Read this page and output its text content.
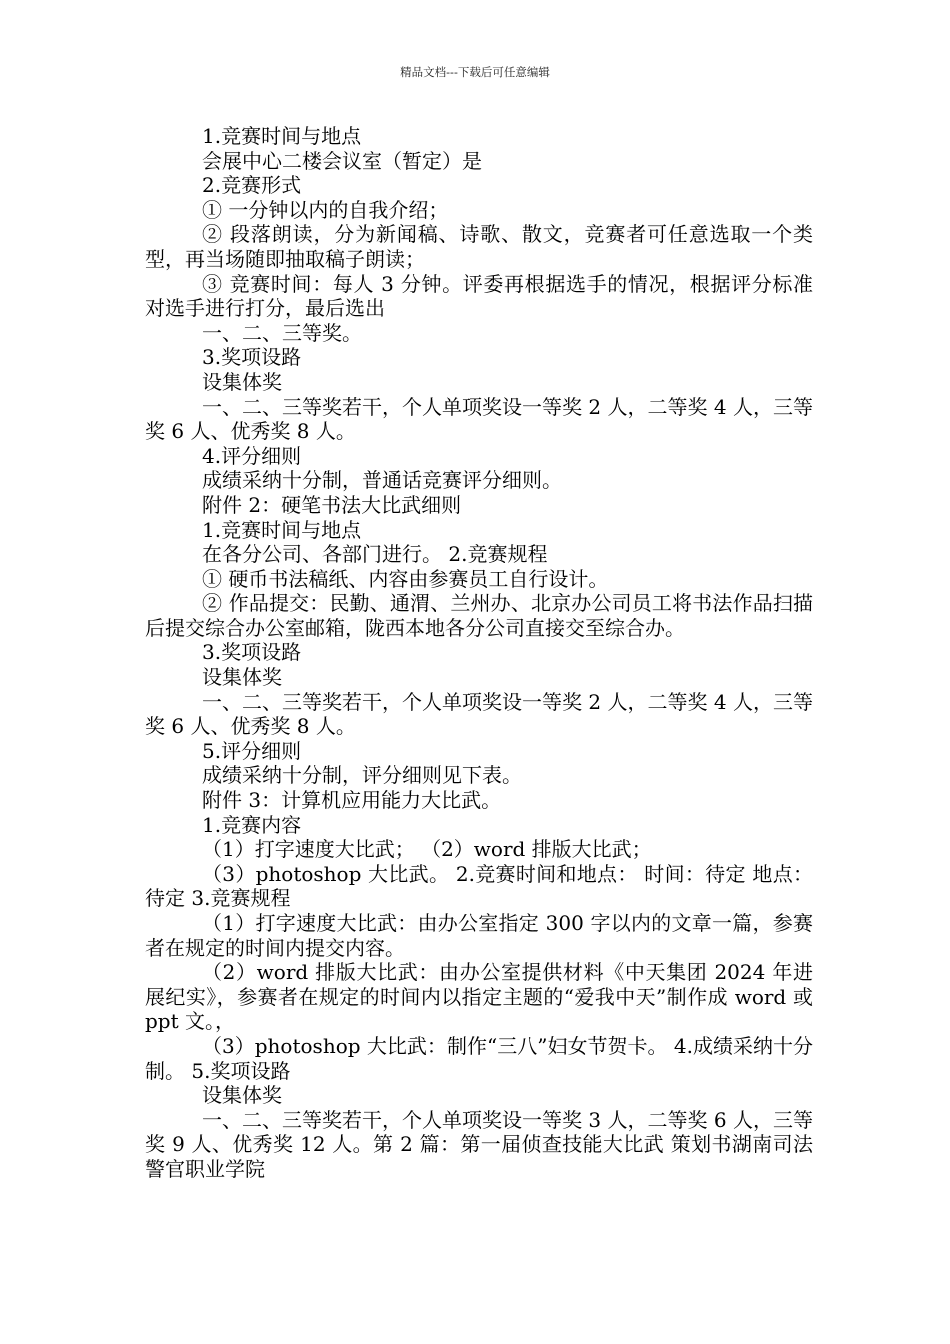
精品文档---下载后可任意编辑

1.竞赛时间与地点

会展中心二楼会议室（暂定）是

2.竞赛形式

① 一分钟以内的自我介绍；

② 段落朗读，分为新闻稿、诗歌、散文，竞赛者可任意选取一个类型，再当场随即抽取稿子朗读；

③ 竞赛时间：每人 3 分钟。评委再根据选手的情况，根据评分标准对选手进行打分，最后选出

一、二、三等奖。

3.奖项设路

设集体奖

一、二、三等奖若干，个人单项奖设一等奖 2 人，二等奖 4 人，三等奖 6 人、优秀奖 8 人。

4.评分细则

成绩采纳十分制，普通话竞赛评分细则。

附件 2：硬笔书法大比武细则

1.竞赛时间与地点

在各分公司、各部门进行。 2.竞赛规程

① 硬币书法稿纸、内容由参赛员工自行设计。

② 作品提交：民勤、通渭、兰州办、北京办公司员工将书法作品扫描后提交综合办公室邮箱，陇西本地各分公司直接交至综合办。

3.奖项设路

设集体奖

一、二、三等奖若干，个人单项奖设一等奖 2 人，二等奖 4 人，三等奖 6 人、优秀奖 8 人。

5.评分细则

成绩采纳十分制，评分细则见下表。

附件 3：计算机应用能力大比武。

1.竞赛内容

（1）打字速度大比武； （2）word 排版大比武；

（3）photoshop 大比武。 2.竞赛时间和地点： 时间：待定 地点：待定 3.竞赛规程

（1）打字速度大比武：由办公室指定 300 字以内的文章一篇，参赛者在规定的时间内提交内容。

（2）word 排版大比武：由办公室提供材料《中天集团 2024 年进展纪实》，参赛者在规定的时间内以指定主题的“爱我中天”制作成 word 或 ppt 文。，

（3）photoshop 大比武：制作“三八”妇女节贺卡。 4.成绩采纳十分制。 5.奖项设路

设集体奖

一、二、三等奖若干，个人单项奖设一等奖 3 人，二等奖 6 人，三等奖 9 人、优秀奖 12 人。第 2 篇：第一届侦查技能大比武 策划书湖南司法警官职业学院
